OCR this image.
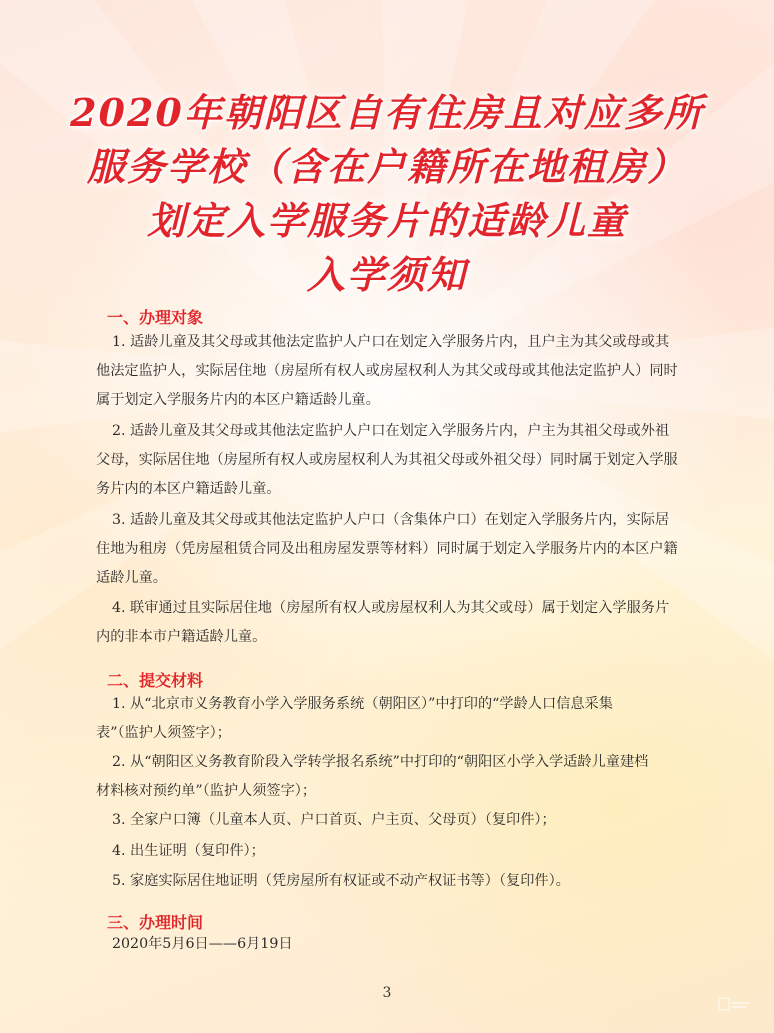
2020年朝阳区自有住房且对应多所
服务学校（含在户籍所在地租房）
划定入学服务片的适龄儿童
入学须知
一、办理对象
1. 适龄儿童及其父母或其他法定监护人户口在划定入学服务片内，且户主为其父或母或其
他法定监护人，实际居住地（房屋所有权人或房屋权利人为其父或母或其他法定监护人）同时
属于划定入学服务片内的本区户籍适龄儿童。
2. 适龄儿童及其父母或其他法定监护人户口在划定入学服务片内，户主为其祖父母或外祖
父母，实际居住地（房屋所有权人或房屋权利人为其祖父母或外祖父母）同时属于划定入学服
务片内的本区户籍适龄儿童。
3. 适龄儿童及其父母或其他法定监护人户口（含集体户口）在划定入学服务片内，实际居
住地为租房（凭房屋租赁合同及出租房屋发票等材料）同时属于划定入学服务片内的本区户籍
适龄儿童。
4. 联审通过且实际居住地（房屋所有权人或房屋权利人为其父或母）属于划定入学服务片
内的非本市户籍适龄儿童。
二、提交材料
1. 从“北京市义务教育小学入学服务系统（朝阳区）”中打印的“学龄人口信息采集
表”（监护人须签字）；
2. 从“朝阳区义务教育阶段入学转学报名系统”中打印的“朝阳区小学入学适龄儿童建档
材料核对预约单”（监护人须签字）；
3. 全家户口簿（儿童本人页、户口首页、户主页、父母页）（复印件）；
4. 出生证明（复印件）；
5. 家庭实际居住地证明（凭房屋所有权证或不动产权证书等）（复印件）。
三、办理时间
2020年5月6日——6月19日
3
